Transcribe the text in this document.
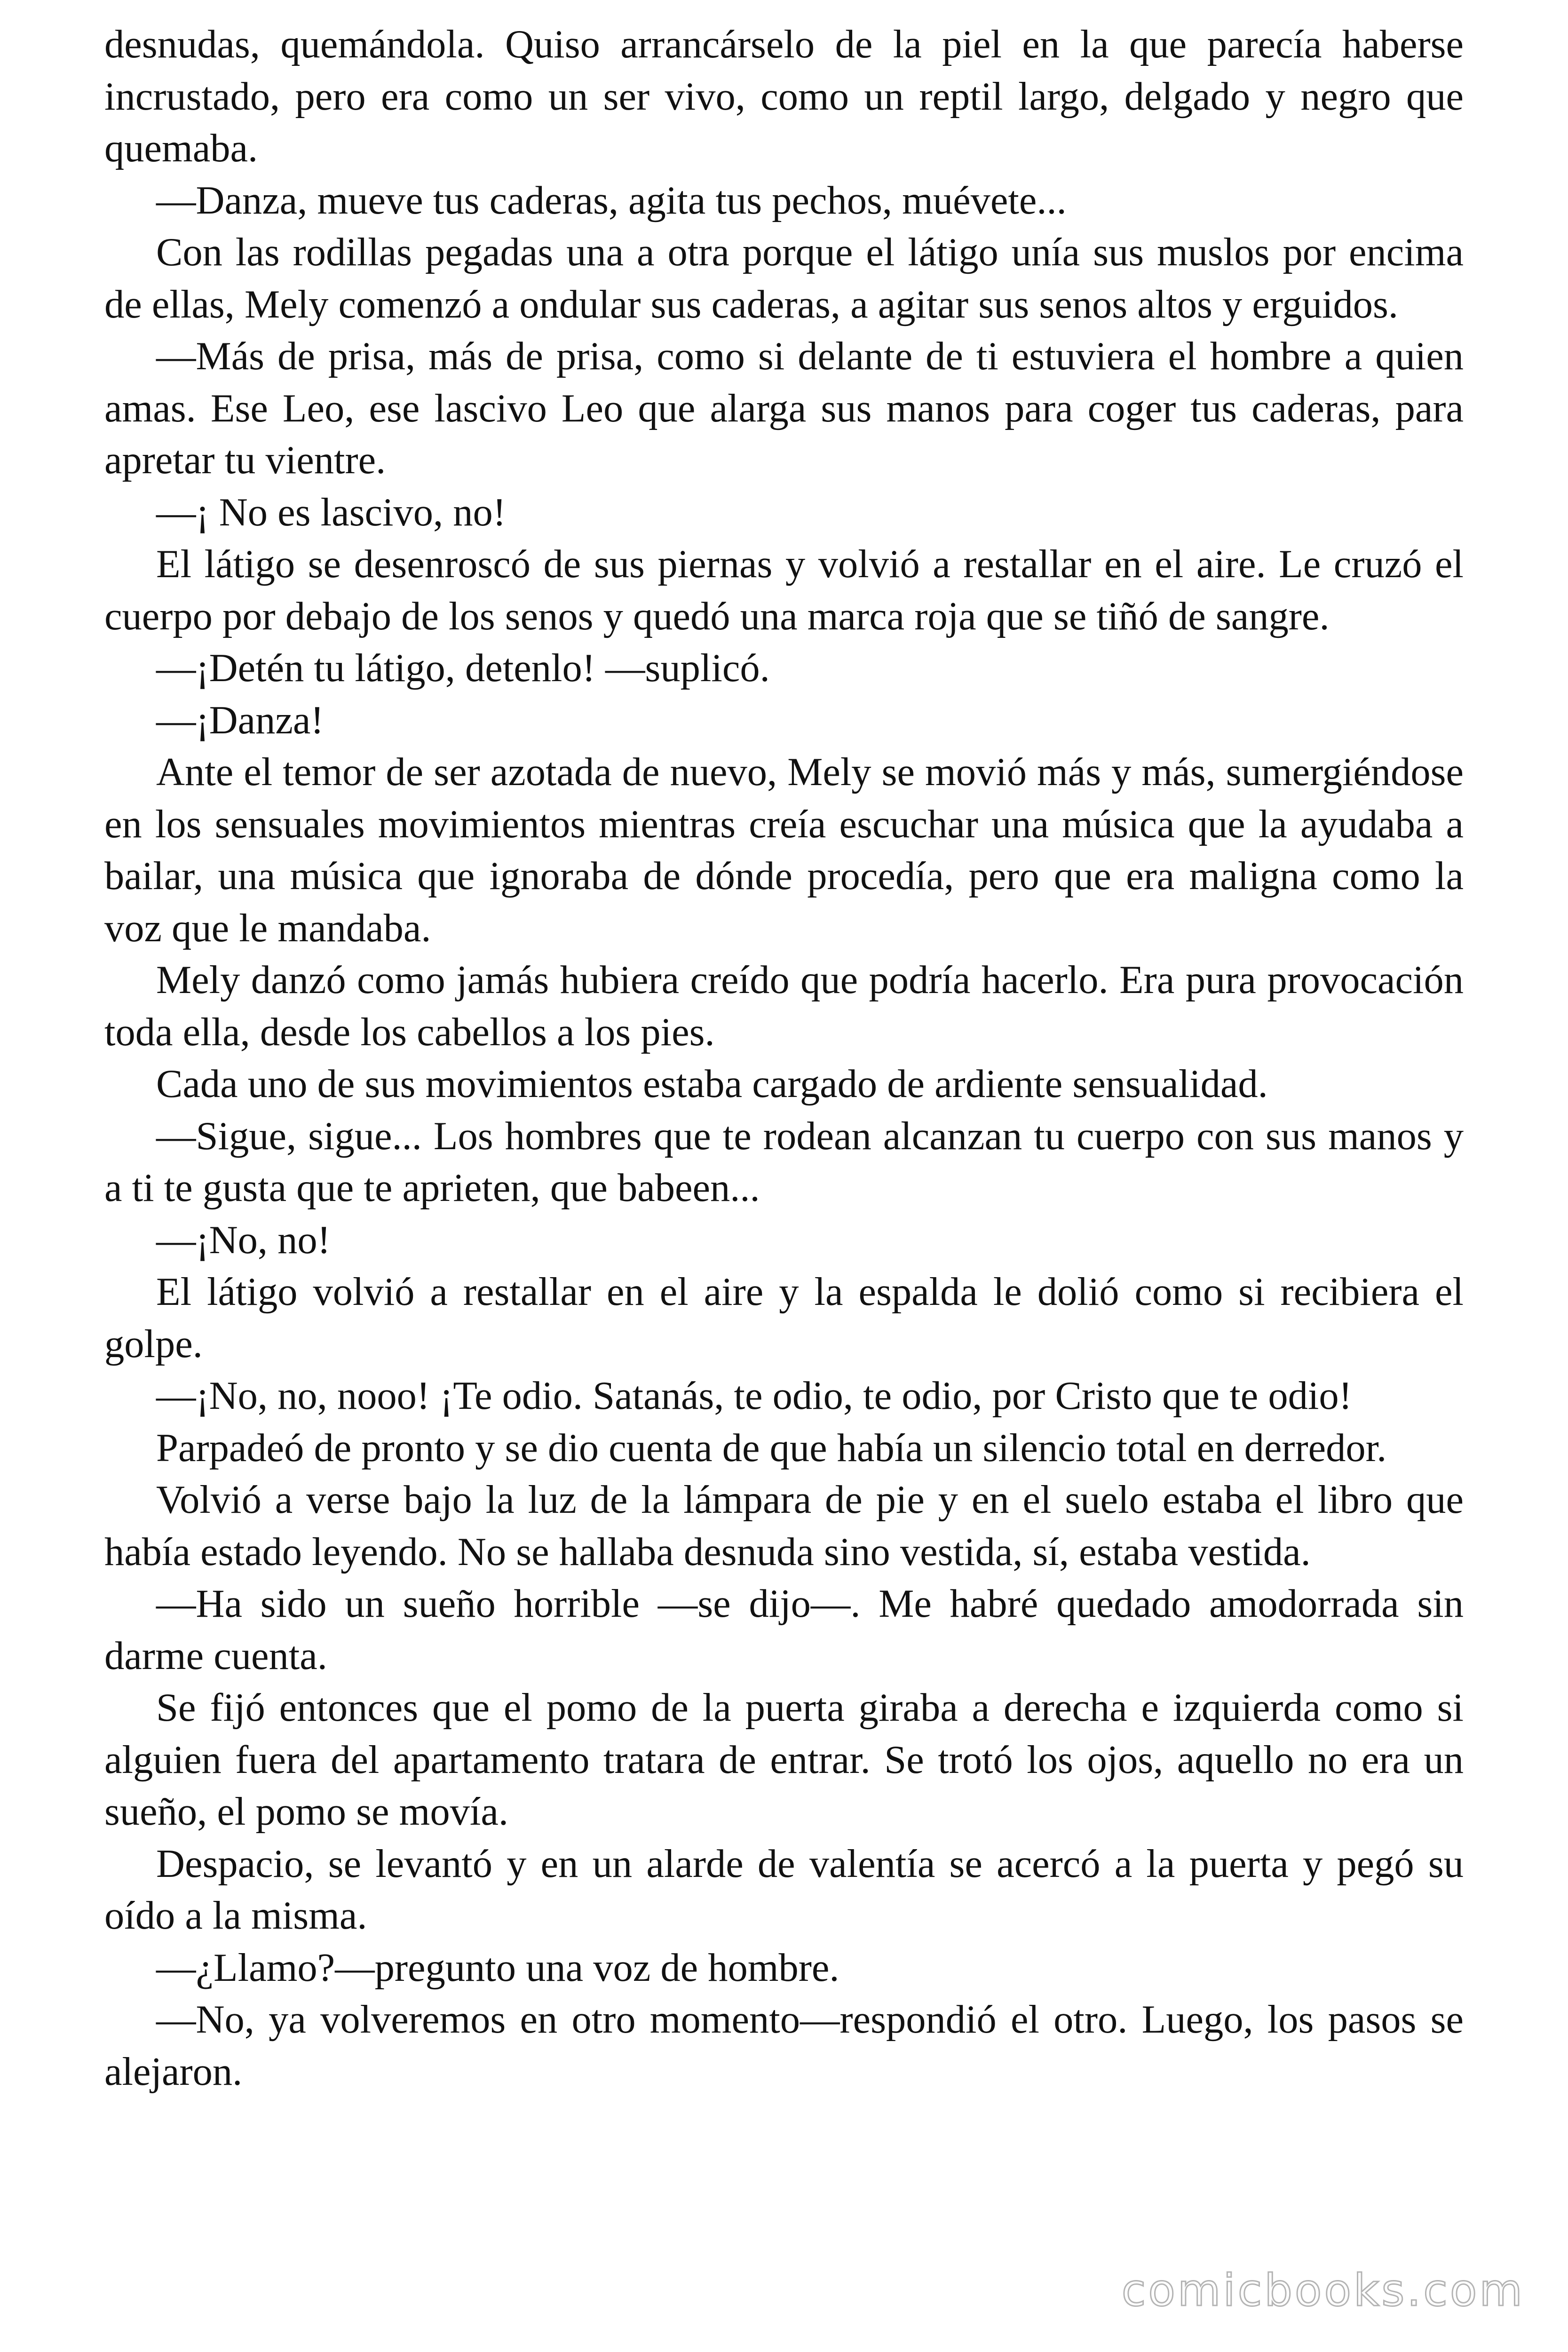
desnudas, quemándola. Quiso arrancárselo de la piel en la que parecía haberse incrustado, pero era como un ser vivo, como un reptil largo, delgado y negro que quemaba.

—Danza, mueve tus caderas, agita tus pechos, muévete...

Con las rodillas pegadas una a otra porque el látigo unía sus muslos por encima de ellas, Mely comenzó a ondular sus caderas, a agitar sus senos altos y erguidos.

—Más de prisa, más de prisa, como si delante de ti estuviera el hombre a quien amas. Ese Leo, ese lascivo Leo que alarga sus manos para coger tus caderas, para apretar tu vientre.

—¡ No es lascivo, no!

El látigo se desenroscó de sus piernas y volvió a restallar en el aire. Le cruzó el cuerpo por debajo de los senos y quedó una marca roja que se tiñó de sangre.

—¡Detén tu látigo, detenlo! —suplicó.

—¡Danza!

Ante el temor de ser azotada de nuevo, Mely se movió más y más, sumergiéndose en los sensuales movimientos mientras creía escuchar una música que la ayudaba a bailar, una música que ignoraba de dónde procedía, pero que era maligna como la voz que le mandaba.

Mely danzó como jamás hubiera creído que podría hacerlo. Era pura provocación toda ella, desde los cabellos a los pies.

Cada uno de sus movimientos estaba cargado de ardiente sensualidad.

—Sigue, sigue... Los hombres que te rodean alcanzan tu cuerpo con sus manos y a ti te gusta que te aprieten, que babeen...

—¡No, no!

El látigo volvió a restallar en el aire y la espalda le dolió como si recibiera el golpe.

—¡No, no, nooo! ¡Te odio. Satanás, te odio, te odio, por Cristo que te odio!

Parpadeó de pronto y se dio cuenta de que había un silencio total en derredor.

Volvió a verse bajo la luz de la lámpara de pie y en el suelo estaba el libro que había estado leyendo. No se hallaba desnuda sino vestida, sí, estaba vestida.

—Ha sido un sueño horrible —se dijo—. Me habré quedado amodorrada sin darme cuenta.

Se fijó entonces que el pomo de la puerta giraba a derecha e izquierda como si alguien fuera del apartamento tratara de entrar. Se trotó los ojos, aquello no era un sueño, el pomo se movía.

Despacio, se levantó y en un alarde de valentía se acercó a la puerta y pegó su oído a la misma.

—¿Llamo?—pregunto una voz de hombre.

—No, ya volveremos en otro momento—respondió el otro. Luego, los pasos se alejaron.

comicbooks.com
